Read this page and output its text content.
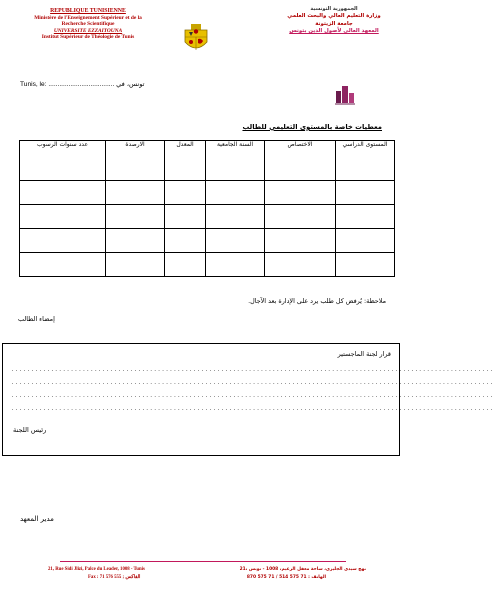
REPUBLIQUE TUNISIENNE
Ministère de l'Enseignement Supérieur et de la
Recherche Scientifique
UNIVERSITE EZZAITOUNA
Institut Supérieur de Théologie de Tunis
الجمهورية التونسية
وزارة التعليم العالي والبحث العلمي
جامعة الزيتونة
المعهد العالي لأصول الدين بتونس
Tunis, le: .................................... تونس، في
معطيات خاصة بالمستوى التعليمي للطالب
المستوى الدراسي	الاختصاص	السنة الجامعية	المعدل	الارصدة	عدد سنوات الرسوب

ملاحظة: يُرفض كل طلب يرد على الإدارة بعد الآجال.
إمضاء الطالب
قرار لجنة الماجستير
..........................................................................................................................
..........................................................................................................................
..........................................................................................................................
..........................................................................................................................
رئيس اللجنة
مدير المعهد
21, Rue Sidi Jlizi, Palce du Leader, 1008 - Tunis	21، نهج سيدي الجليزي، ساحة معقل الزعيم، 1008 - تونس
Fax : 71 576 555 ; الفاكس	الهاتف : 71 575 514 / 71 575 870
